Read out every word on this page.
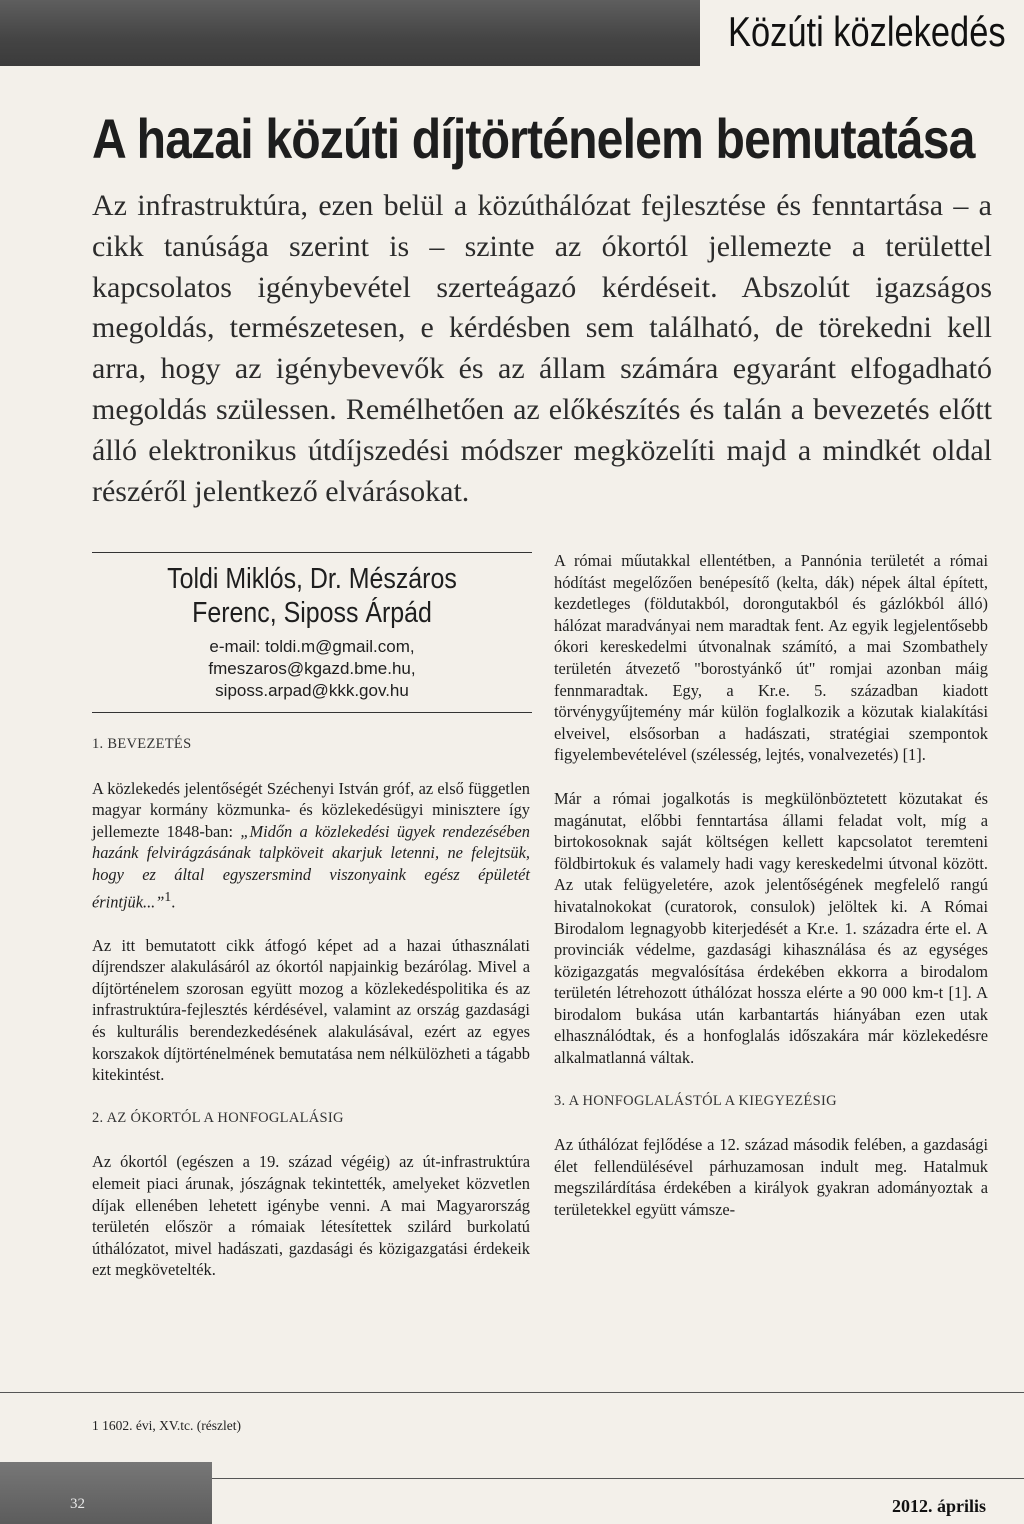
Közúti közlekedés
A hazai közúti díjtörténelem bemutatása

Az infrastruktúra, ezen belül a közúthálózat fejlesztése és fenntartása – a cikk tanúsága szerint is – szinte az ókortól jellemezte a területtel kapcsolatos igénybevétel szerteágazó kérdéseit. Abszolút igazságos megoldás, természetesen, e kérdésben sem található, de törekedni kell arra, hogy az igénybevevők és az állam számára egyaránt elfogadható megoldás szülessen. Remélhetően az előkészítés és talán a bevezetés előtt álló elektronikus útdíjszedési módszer megközelíti majd a mindkét oldal részéről jelentkező elvárásokat.

Toldi Miklós, Dr. Mészáros Ferenc, Siposs Árpád
e-mail: toldi.m@gmail.com,
fmeszaros@kgazd.bme.hu,
siposs.arpad@kkk.gov.hu
1. BEVEZETÉS

A közlekedés jelentőségét Széchenyi István gróf, az első független magyar kormány közmunka- és közlekedésügyi minisztere így jellemezte 1848-ban: „Midőn a közlekedési ügyek rendezésében hazánk felvirágzásának talpköveit akarjuk letenni, ne felejtsük, hogy ez által egyszersmind viszonyaink egész épületét érintjük...”$^1$.

Az itt bemutatott cikk átfogó képet ad a hazai úthasználati díjrendszer alakulásáról az ókortól napjainkig bezárólag. Mivel a díjtörténelem szorosan együtt mozog a közlekedéspolitika és az infrastruktúra-fejlesztés kérdésével, valamint az ország gazdasági és kulturális berendezkedésének alakulásával, ezért az egyes korszakok díjtörténelmének bemutatása nem nélkülözheti a tágabb kitekintést.

2. AZ ÓKORTÓL A HONFOGLALÁSIG

Az ókortól (egészen a 19. század végéig) az út-infrastruktúra elemeit piaci árunak, jószágnak tekintették, amelyeket közvetlen díjak ellenében lehetett igénybe venni. A mai Magyarország területén először a rómaiak létesítettek szilárd burkolatú úthálózatot, mivel hadászati, gazdasági és közigazgatási érdekeik ezt megkövetelték.

A római műutakkal ellentétben, a Pannónia területét a római hódítást megelőzően benépesítő (kelta, dák) népek által épített, kezdetleges (földutakból, dorongutakból és gázlókból álló) hálózat maradványai nem maradtak fent. Az egyik legjelentősebb ókori kereskedelmi útvonalnak számító, a mai Szombathely területén átvezető "borostyánkő út" romjai azonban máig fennmaradtak. Egy, a Kr.e. 5. században kiadott törvénygyűjtemény már külön foglalkozik a közutak kialakítási elveivel, elsősorban a hadászati, stratégiai szempontok figyelembevételével (szélesség, lejtés, vonalvezetés) [1].

Már a római jogalkotás is megkülönböztetett közutakat és magánutat, előbbi fenntartása állami feladat volt, míg a birtokosoknak saját költségen kellett kapcsolatot teremteni földbirtokuk és valamely hadi vagy kereskedelmi útvonal között. Az utak felügyeletére, azok jelentőségének megfelelő rangú hivatalnokokat (curatorok, consulok) jelöltek ki. A Római Birodalom legnagyobb kiterjedését a Kr.e. 1. századra érte el. A provinciák védelme, gazdasági kihasználása és az egységes közigazgatás megvalósítása érdekében ekkorra a birodalom területén létrehozott úthálózat hossza elérte a 90 000 km-t [1]. A birodalom bukása után karbantartás hiányában ezen utak elhasználódtak, és a honfoglalás időszakára már közlekedésre alkalmatlanná váltak.

3. A HONFOGLALÁSTÓL A KIEGYEZÉSIG

Az úthálózat fejlődése a 12. század második felében, a gazdasági élet fellendülésével párhuzamosan indult meg. Hatalmuk megszilárdítása érdekében a királyok gyakran adományoztak a területekkel együtt vámsze-

1 1602. évi, XV.tc. (részlet)
32	2012. április
